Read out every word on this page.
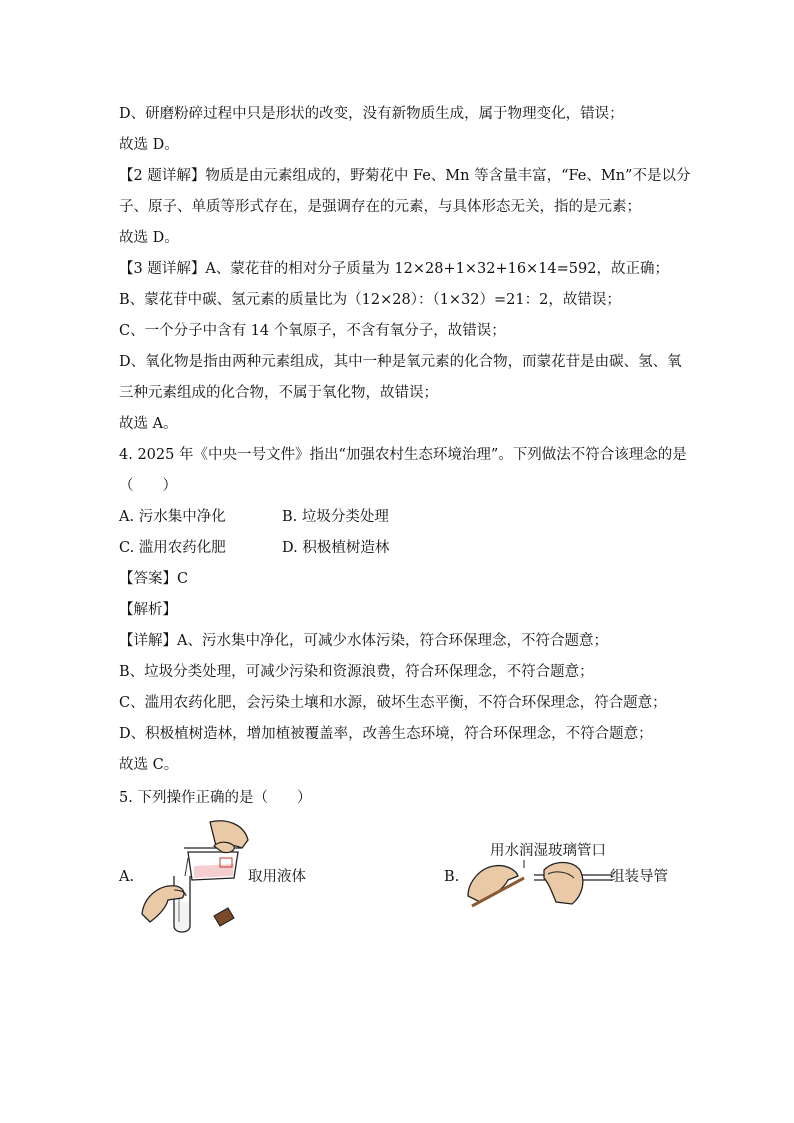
D、研磨粉碎过程中只是形状的改变，没有新物质生成，属于物理变化，错误；
故选 D。
【2 题详解】物质是由元素组成的，野菊花中 Fe、Mn 等含量丰富，“Fe、Mn”不是以分
子、原子、单质等形式存在，是强调存在的元素，与具体形态无关，指的是元素；
故选 D。
【3 题详解】A、蒙花苷的相对分子质量为 12×28+1×32+16×14=592，故正确；
B、蒙花苷中碳、氢元素的质量比为（12×28）：（1×32）=21：2，故错误；
C、一个分子中含有 14 个氧原子，不含有氧分子，故错误；
D、氧化物是指由两种元素组成，其中一种是氧元素的化合物，而蒙花苷是由碳、氢、氧
三种元素组成的化合物，不属于氧化物，故错误；
故选 A。
4. 2025 年《中央一号文件》指出“加强农村生态环境治理”。下列做法不符合该理念的是
（　　）
A. 污水集中净化	B. 垃圾分类处理
C. 滥用农药化肥	D. 积极植树造林
【答案】C
【解析】
【详解】A、污水集中净化，可减少水体污染，符合环保理念，不符合题意；
B、垃圾分类处理，可减少污染和资源浪费，符合环保理念，不符合题意；
C、滥用农药化肥，会污染土壤和水源，破坏生态平衡，不符合环保理念，符合题意；
D、积极植树造林，增加植被覆盖率，改善生态环境，符合环保理念，不符合题意；
故选 C。
5. 下列操作正确的是（　　）
A.	取用液体	B.
用水润湿玻璃管口
组装导管
